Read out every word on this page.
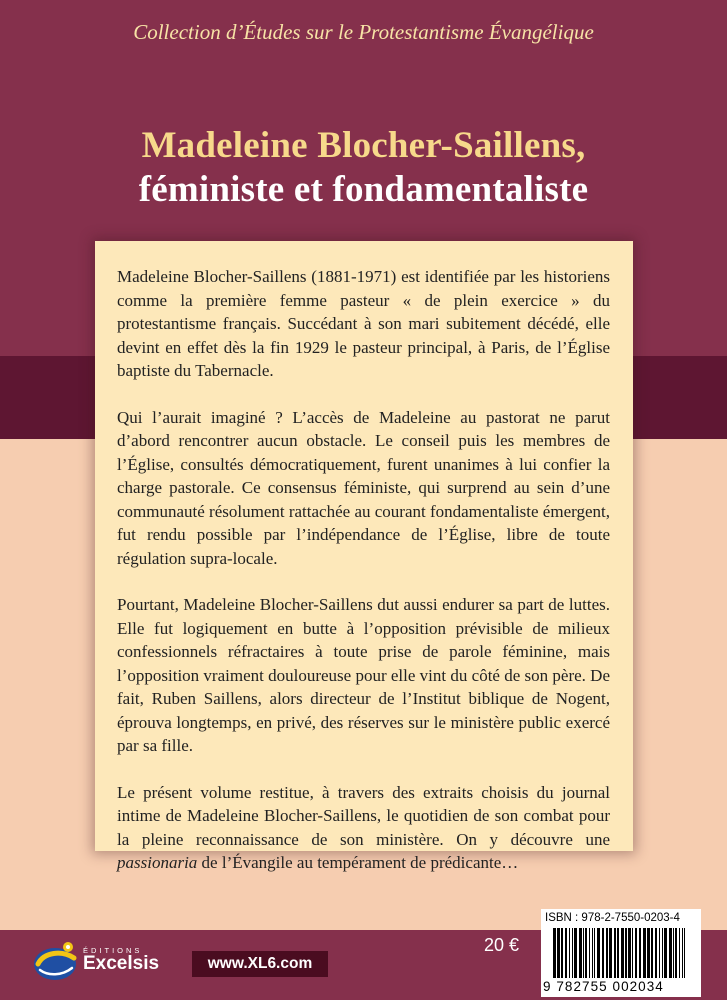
Collection d’Études sur le Protestantisme Évangélique
Madeleine Blocher-Saillens,
féministe et fondamentaliste

Madeleine Blocher-Saillens (1881-1971) est identifiée par les historiens comme la première femme pasteur « de plein exercice » du protestantisme français. Succédant à son mari subitement décédé, elle devint en effet dès la fin 1929 le pasteur principal, à Paris, de l’Église baptiste du Tabernacle.

Qui l’aurait imaginé ? L’accès de Madeleine au pastorat ne parut d’abord rencontrer aucun obstacle. Le conseil puis les membres de l’Église, consultés démocratiquement, furent unanimes à lui confier la charge pastorale. Ce consensus féministe, qui surprend au sein d’une communauté résolument rattachée au courant fondamentaliste émergent, fut rendu possible par l’indépendance de l’Église, libre de toute régulation supra-locale.

Pourtant, Madeleine Blocher-Saillens dut aussi endurer sa part de luttes. Elle fut logiquement en butte à l’opposition prévisible de milieux confessionnels réfractaires à toute prise de parole féminine, mais l’opposition vraiment douloureuse pour elle vint du côté de son père. De fait, Ruben Saillens, alors directeur de l’Institut biblique de Nogent, éprouva longtemps, en privé, des réserves sur le ministère public exercé par sa fille.

Le présent volume restitue, à travers des extraits choisis du journal intime de Madeleine Blocher-Saillens, le quotidien de son combat pour la pleine reconnaissance de son ministère. On y découvre une passionaria de l’Évangile au tempérament de prédicante…

ISBN : 978-2-7550-0203-4
9 782755 002034
20 €
ÉDITIONS
Excelsis	www.XL6.com
